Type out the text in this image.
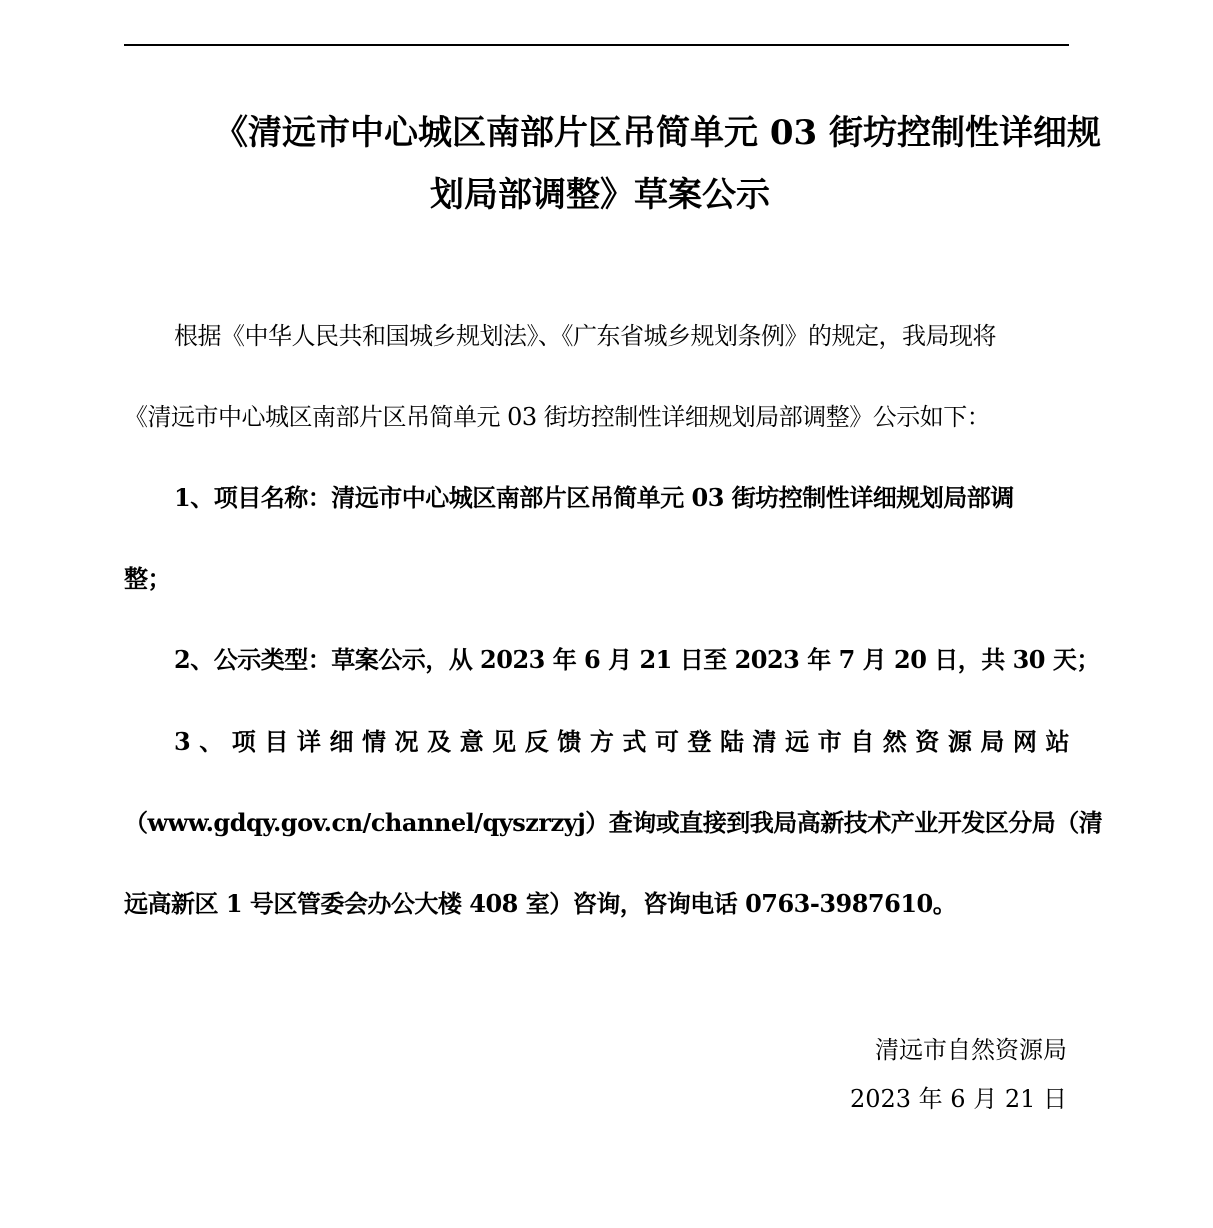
《清远市中心城区南部片区吊简单元 03 街坊控制性详细规
划局部调整》草案公示
根据《中华人民共和国城乡规划法》、《广东省城乡规划条例》的规定，我局现将
《清远市中心城区南部片区吊简单元 03 街坊控制性详细规划局部调整》公示如下：
1、项目名称：清远市中心城区南部片区吊简单元 03 街坊控制性详细规划局部调
整；
2、公示类型：草案公示，从 2023 年 6 月 21 日至 2023 年 7 月 20 日，共 30 天；
3 、 项 目 详 细 情 况 及 意 见 反 馈 方 式 可 登 陆 清 远 市 自 然 资 源 局 网 站
（www.gdqy.gov.cn/channel/qyszrzyj）查询或直接到我局高新技术产业开发区分局（清
远高新区 1 号区管委会办公大楼 408 室）咨询，咨询电话 0763-3987610。
清远市自然资源局
2023 年 6 月 21 日
